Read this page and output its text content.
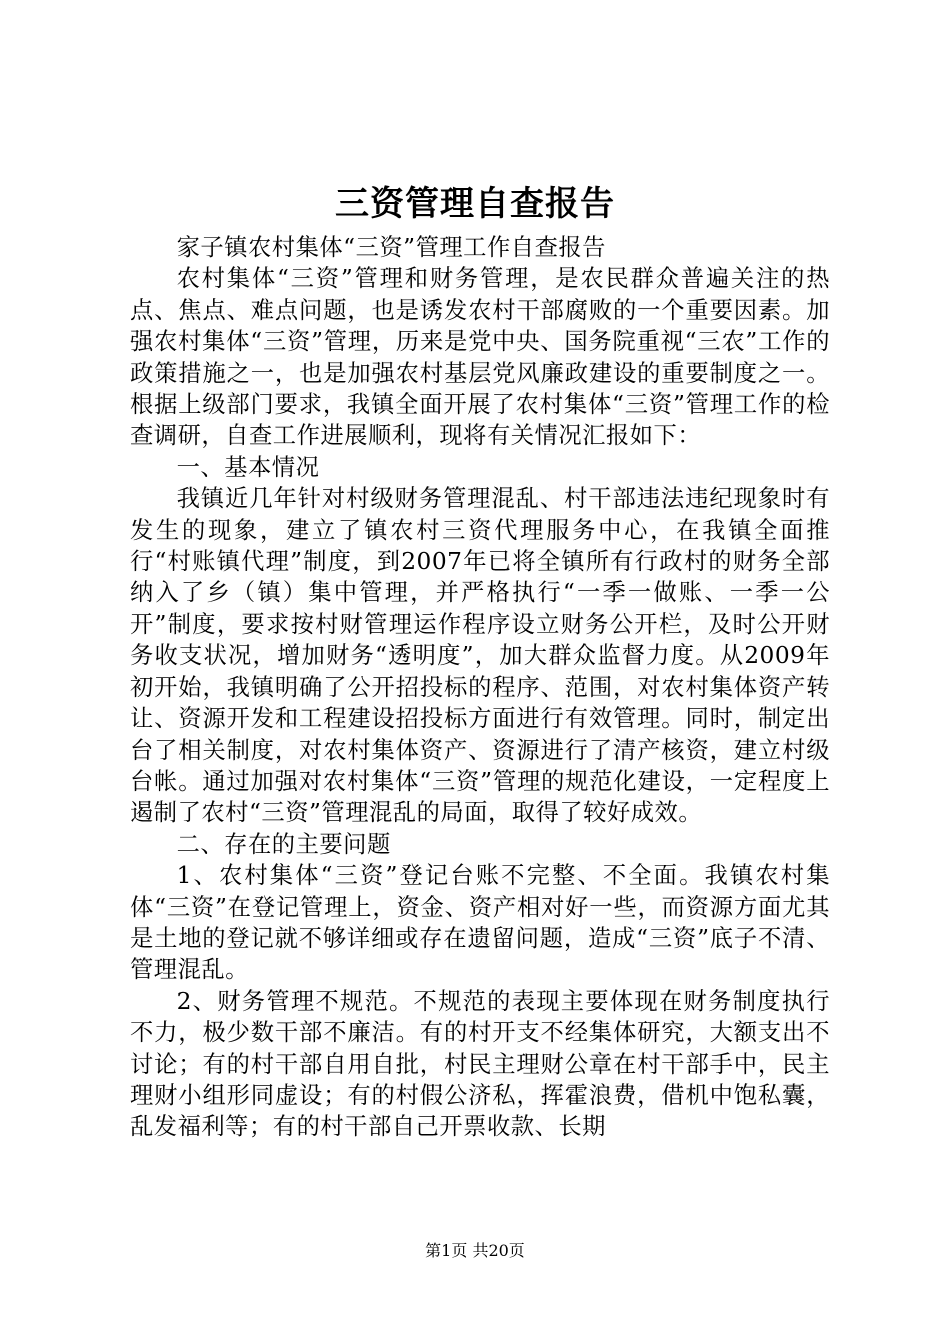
三资管理自查报告

家子镇农村集体“三资”管理工作自查报告

农村集体“三资”管理和财务管理，是农民群众普遍关注的热点、焦点、难点问题，也是诱发农村干部腐败的一个重要因素。加强农村集体“三资”管理，历来是党中央、国务院重视“三农”工作的政策措施之一，也是加强农村基层党风廉政建设的重要制度之一。根据上级部门要求，我镇全面开展了农村集体“三资”管理工作的检查调研，自查工作进展顺利，现将有关情况汇报如下：

一、基本情况

我镇近几年针对村级财务管理混乱、村干部违法违纪现象时有发生的现象，建立了镇农村三资代理服务中心，在我镇全面推行“村账镇代理”制度，到2007年已将全镇所有行政村的财务全部纳入了乡（镇）集中管理，并严格执行“一季一做账、一季一公开”制度，要求按村财管理运作程序设立财务公开栏，及时公开财务收支状况，增加财务“透明度”，加大群众监督力度。从2009年初开始，我镇明确了公开招投标的程序、范围，对农村集体资产转让、资源开发和工程建设招投标方面进行有效管理。同时，制定出台了相关制度，对农村集体资产、资源进行了清产核资，建立村级台帐。通过加强对农村集体“三资”管理的规范化建设，一定程度上遏制了农村“三资”管理混乱的局面，取得了较好成效。

二、存在的主要问题

1、农村集体“三资”登记台账不完整、不全面。我镇农村集体“三资”在登记管理上，资金、资产相对好一些，而资源方面尤其是土地的登记就不够详细或存在遗留问题，造成“三资”底子不清、管理混乱。

2、财务管理不规范。不规范的表现主要体现在财务制度执行不力，极少数干部不廉洁。有的村开支不经集体研究，大额支出不讨论；有的村干部自用自批，村民主理财公章在村干部手中，民主理财小组形同虚设；有的村假公济私，挥霍浪费，借机中饱私囊，乱发福利等；有的村干部自己开票收款、长期

第1页 共20页
